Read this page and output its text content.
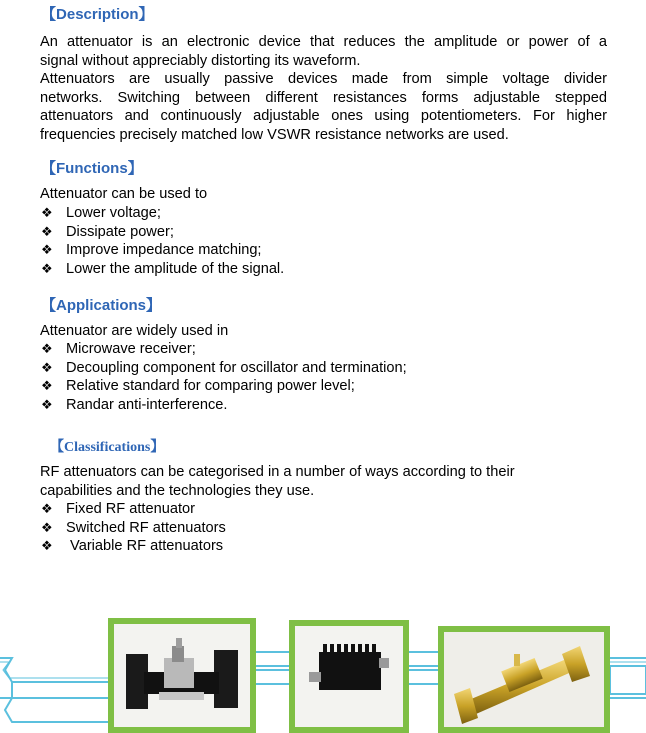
【Description】
An attenuator is an electronic device that reduces the amplitude or power of a
signal without appreciably distorting its waveform.
Attenuators are usually passive devices made from simple voltage divider
networks. Switching between different resistances forms adjustable stepped
attenuators and continuously adjustable ones using potentiometers. For higher
frequencies precisely matched low VSWR resistance networks are used.
【Functions】
Attenuator can be used to
❖ Lower voltage;
❖ Dissipate power;
❖ Improve impedance matching;
❖ Lower the amplitude of the signal.
【Applications】
Attenuator are widely used in
❖ Microwave receiver;
❖ Decoupling component for oscillator and termination;
❖ Relative standard for comparing power level;
❖ Randar anti-interference.
【Classifications】
RF attenuators can be categorised in a number of ways according to their
capabilities and the technologies they use.
❖ Fixed RF attenuator
❖ Switched RF attenuators
❖ Variable RF attenuators
